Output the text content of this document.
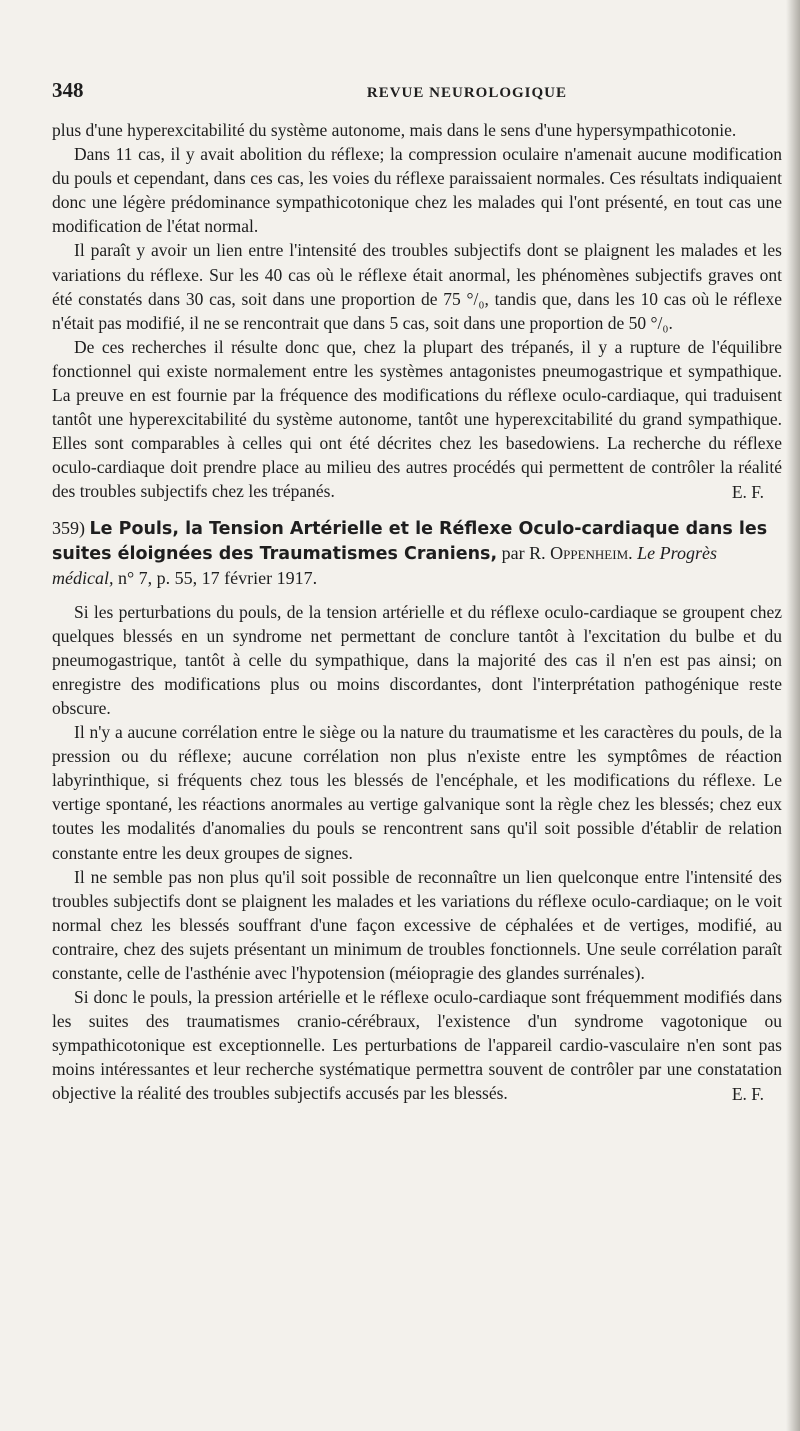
348	REVUE NEUROLOGIQUE

plus d'une hyperexcitabilité du système autonome, mais dans le sens d'une hypersympathicotonie.

Dans 11 cas, il y avait abolition du réflexe; la compression oculaire n'amenait aucune modification du pouls et cependant, dans ces cas, les voies du réflexe paraissaient normales. Ces résultats indiquaient donc une légère prédominance sympathicotonique chez les malades qui l'ont présenté, en tout cas une modification de l'état normal.

Il paraît y avoir un lien entre l'intensité des troubles subjectifs dont se plaignent les malades et les variations du réflexe. Sur les 40 cas où le réflexe était anormal, les phénomènes subjectifs graves ont été constatés dans 30 cas, soit dans une proportion de 75 °/₀, tandis que, dans les 10 cas où le réflexe n'était pas modifié, il ne se rencontrait que dans 5 cas, soit dans une proportion de 50 °/₀.

De ces recherches il résulte donc que, chez la plupart des trépanés, il y a rupture de l'équilibre fonctionnel qui existe normalement entre les systèmes antagonistes pneumogastrique et sympathique. La preuve en est fournie par la fréquence des modifications du réflexe oculo-cardiaque, qui traduisent tantôt une hyperexcitabilité du système autonome, tantôt une hyperexcitabilité du grand sympathique. Elles sont comparables à celles qui ont été décrites chez les basedowiens. La recherche du réflexe oculo-cardiaque doit prendre place au milieu des autres procédés qui permettent de contrôler la réalité des troubles subjectifs chez les trépanés.	E. F.
359) Le Pouls, la Tension Artérielle et le Réflexe Oculo-cardiaque dans les suites éloignées des Traumatismes Craniens, par R. Oppenheim. Le Progrès médical, n° 7, p. 55, 17 février 1917.

Si les perturbations du pouls, de la tension artérielle et du réflexe oculo-cardiaque se groupent chez quelques blessés en un syndrome net permettant de conclure tantôt à l'excitation du bulbe et du pneumogastrique, tantôt à celle du sympathique, dans la majorité des cas il n'en est pas ainsi; on enregistre des modifications plus ou moins discordantes, dont l'interprétation pathogénique reste obscure.

Il n'y a aucune corrélation entre le siège ou la nature du traumatisme et les caractères du pouls, de la pression ou du réflexe; aucune corrélation non plus n'existe entre les symptômes de réaction labyrinthique, si fréquents chez tous les blessés de l'encéphale, et les modifications du réflexe. Le vertige spontané, les réactions anormales au vertige galvanique sont la règle chez les blessés; chez eux toutes les modalités d'anomalies du pouls se rencontrent sans qu'il soit possible d'établir de relation constante entre les deux groupes de signes.

Il ne semble pas non plus qu'il soit possible de reconnaître un lien quelconque entre l'intensité des troubles subjectifs dont se plaignent les malades et les variations du réflexe oculo-cardiaque; on le voit normal chez les blessés souffrant d'une façon excessive de céphalées et de vertiges, modifié, au contraire, chez des sujets présentant un minimum de troubles fonctionnels. Une seule corrélation paraît constante, celle de l'asthénie avec l'hypotension (méiopragie des glandes surrénales).

Si donc le pouls, la pression artérielle et le réflexe oculo-cardiaque sont fréquemment modifiés dans les suites des traumatismes cranio-cérébraux, l'existence d'un syndrome vagotonique ou sympathicotonique est exceptionnelle. Les perturbations de l'appareil cardio-vasculaire n'en sont pas moins intéressantes et leur recherche systématique permettra souvent de contrôler par une constatation objective la réalité des troubles subjectifs accusés par les blessés.	E. F.
